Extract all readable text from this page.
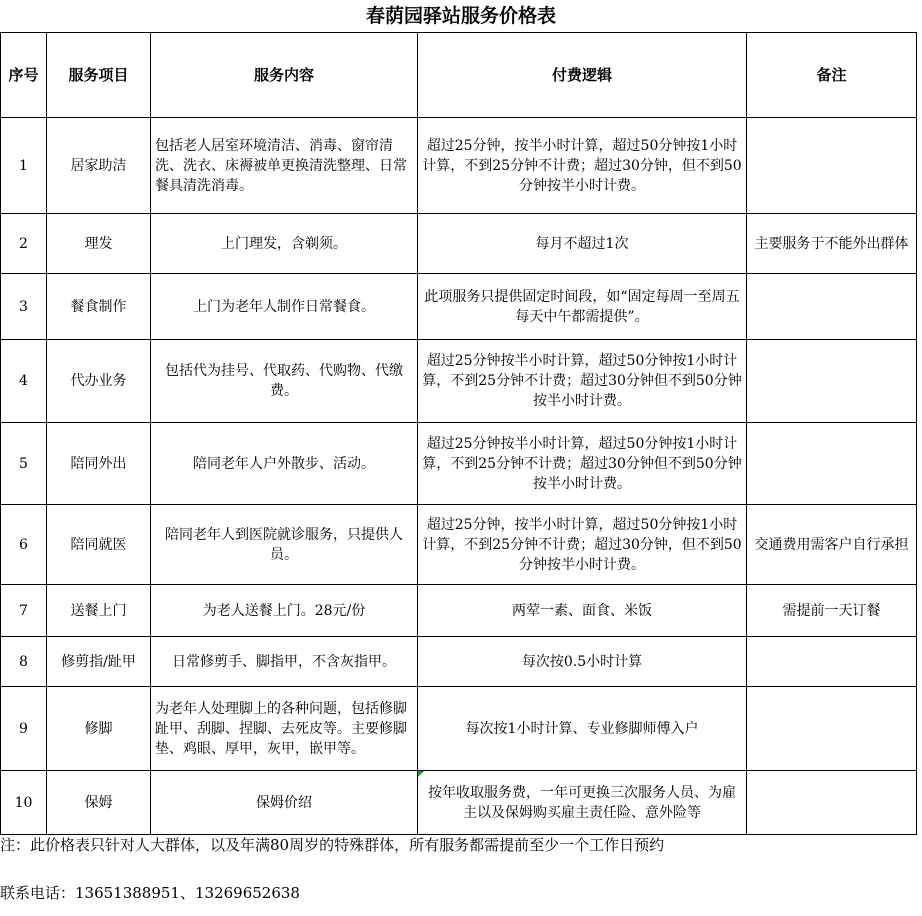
春荫园驿站服务价格表
序号	服务项目	服务内容	付费逻辑	备注
1	居家助洁	包括老人居室环境清洁、消毒、窗帘清洗、洗衣、床褥被单更换清洗整理、日常餐具清洗消毒。	超过25分钟，按半小时计算，超过50分钟按1小时计算，不到25分钟不计费；超过30分钟，但不到50分钟按半小时计费。	
2	理发	上门理发，含剃须。	每月不超过1次	主要服务于不能外出群体
3	餐食制作	上门为老年人制作日常餐食。	此项服务只提供固定时间段，如“固定每周一至周五每天中午都需提供”。	
4	代办业务	包括代为挂号、代取药、代购物、代缴费。	超过25分钟按半小时计算，超过50分钟按1小时计算，不到25分钟不计费；超过30分钟但不到50分钟按半小时计费。	
5	陪同外出	陪同老年人户外散步、活动。	超过25分钟按半小时计算，超过50分钟按1小时计算，不到25分钟不计费；超过30分钟但不到50分钟按半小时计费。	
6	陪同就医	陪同老年人到医院就诊服务，只提供人员。	超过25分钟，按半小时计算，超过50分钟按1小时计算，不到25分钟不计费；超过30分钟，但不到50分钟按半小时计费。	交通费用需客户自行承担
7	送餐上门	为老人送餐上门。28元/份	两荤一素、面食、米饭	需提前一天订餐
8	修剪指/趾甲	日常修剪手、脚指甲，不含灰指甲。	每次按0.5小时计算	
9	修脚	为老年人处理脚上的各种问题，包括修脚趾甲、刮脚、捏脚、去死皮等。主要修脚垫、鸡眼、厚甲，灰甲，嵌甲等。	每次按1小时计算、专业修脚师傅入户	
10	保姆	保姆价绍	按年收取服务费，一年可更换三次服务人员、为雇主以及保姆购买雇主责任险、意外险等	
注：此价格表只针对人大群体，以及年满80周岁的特殊群体，所有服务都需提前至少一个工作日预约
联系电话：13651388951、13269652638
